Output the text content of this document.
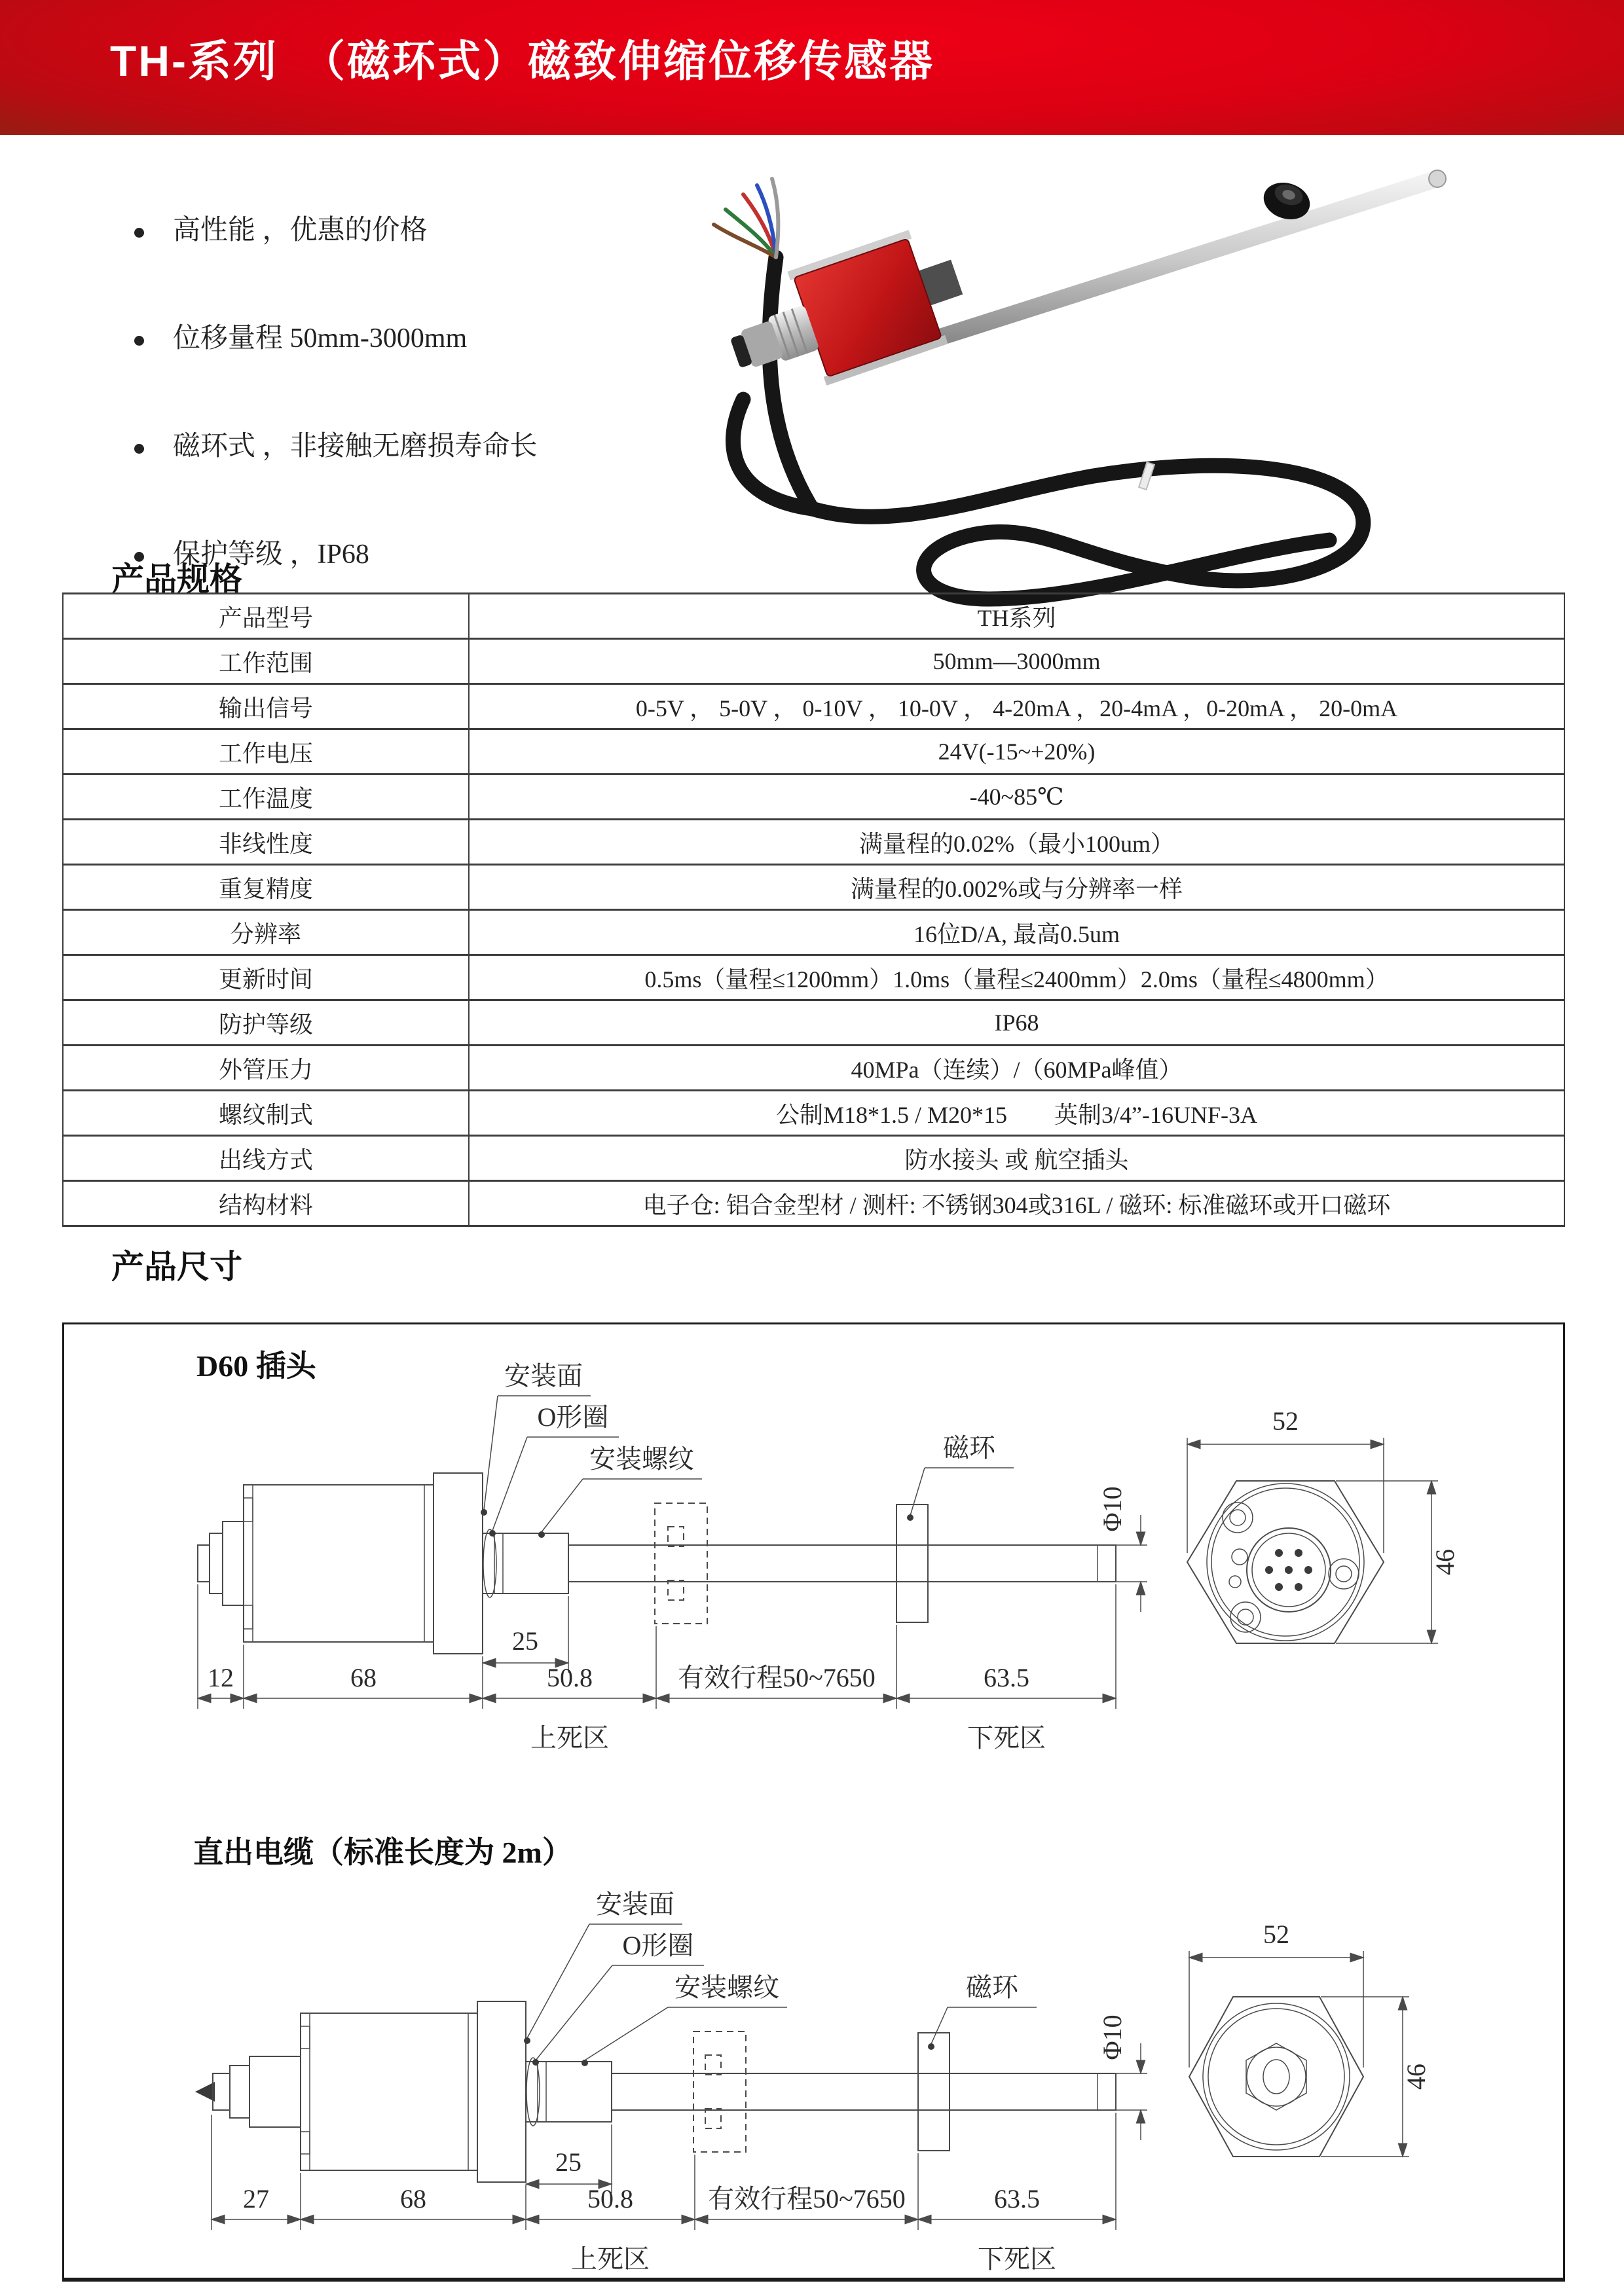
TH-系列　（磁环式）磁致伸缩位移传感器
高性能 ，优惠的价格
位移量程 50mm-3000mm
磁环式 ，非接触无磨损寿命长
保护等级 ，IP68
产品规格
产品型号	TH系列
工作范围	50mm—3000mm
输出信号	0-5V ， 5-0V ， 0-10V ， 10-0V ， 4-20mA ，20-4mA ，0-20mA ， 20-0mA
工作电压	24V(-15~+20%)
工作温度	-40~85℃
非线性度	满量程的0.02%（最小100um）
重复精度	满量程的0.002%或与分辨率一样
分辨率	16位D/A, 最高0.5um
更新时间	0.5ms（量程≤1200mm）1.0ms（量程≤2400mm）2.0ms（量程≤4800mm）
防护等级	IP68
外管压力	40MPa（连续）/（60MPa峰值）
螺纹制式	公制M18*1.5 / M20*15　　英制3/4”-16UNF-3A
出线方式	防水接头 或 航空插头
结构材料	电子仓: 铝合金型材 / 测杆: 不锈钢304或316L / 磁环: 标准磁环或开口磁环
产品尺寸
D60 插头
直出电缆（标准长度为 2m）
安装面
O形圈
安装螺纹	磁环
Φ10
52
46
25
12	68	50.8	有效行程50~7650	63.5
上死区	下死区
安装面
O形圈
安装螺纹	磁环
Φ10
52
46
25
27	68	50.8	有效行程50~7650	63.5
上死区	下死区
